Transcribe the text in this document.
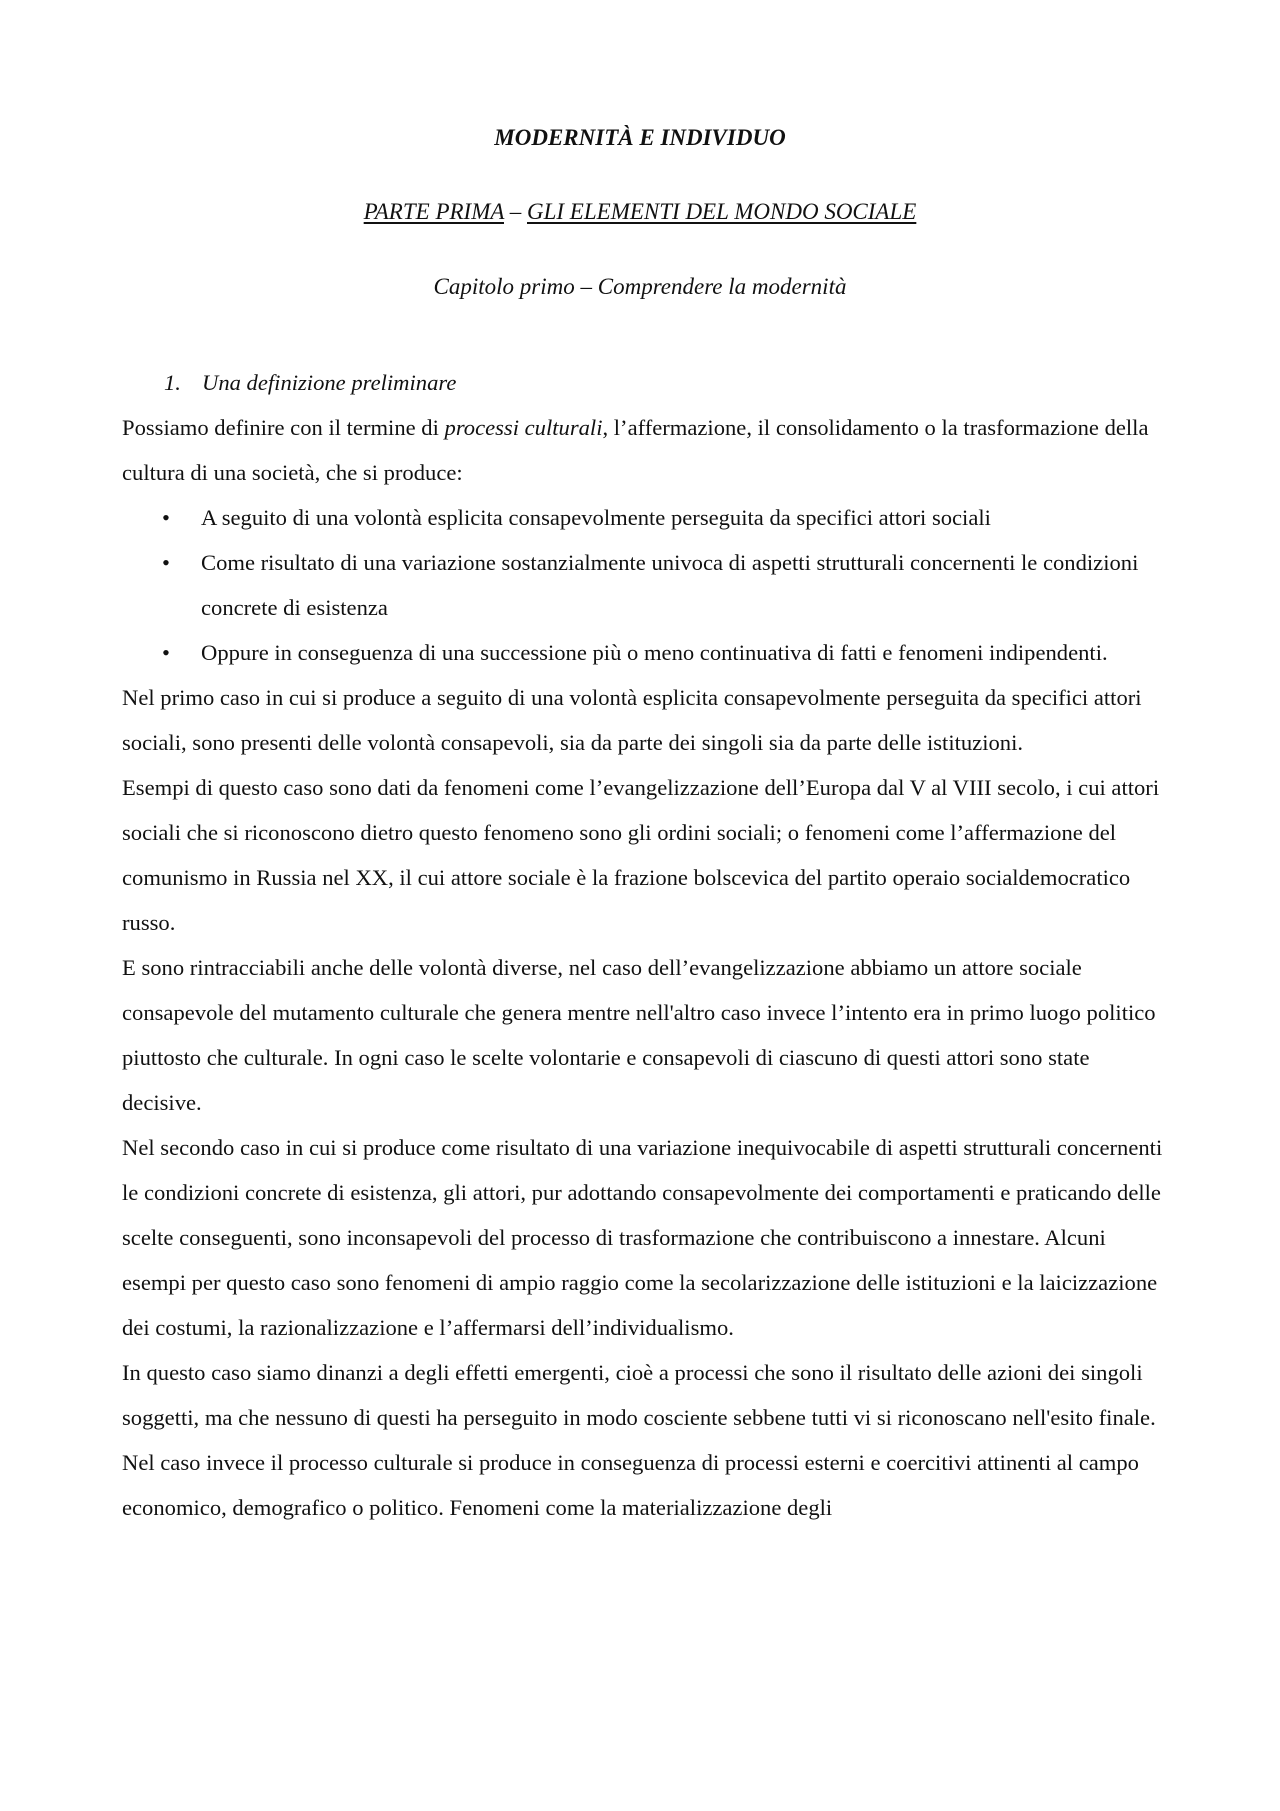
MODERNITÀ E INDIVIDUO
PARTE PRIMA – GLI ELEMENTI DEL MONDO SOCIALE
Capitolo primo – Comprendere la modernità
1. Una definizione preliminare

Possiamo definire con il termine di processi culturali, l’affermazione, il consolidamento o la trasformazione della cultura di una società, che si produce:

•	A seguito di una volontà esplicita consapevolmente perseguita da specifici attori sociali
•	Come risultato di una variazione sostanzialmente univoca di aspetti strutturali concernenti le condizioni concrete di esistenza
•	Oppure in conseguenza di una successione più o meno continuativa di fatti e fenomeni indipendenti.

Nel primo caso in cui si produce a seguito di una volontà esplicita consapevolmente perseguita da specifici attori sociali, sono presenti delle volontà consapevoli, sia da parte dei singoli sia da parte delle istituzioni.

Esempi di questo caso sono dati da fenomeni come l’evangelizzazione dell’Europa dal V al VIII secolo, i cui attori sociali che si riconoscono dietro questo fenomeno sono gli ordini sociali; o fenomeni come l’affermazione del comunismo in Russia nel XX, il cui attore sociale è la frazione bolscevica del partito operaio socialdemocratico russo.

E sono rintracciabili anche delle volontà diverse, nel caso dell’evangelizzazione abbiamo un attore sociale consapevole del mutamento culturale che genera mentre nell'altro caso invece l’intento era in primo luogo politico piuttosto che culturale. In ogni caso le scelte volontarie e consapevoli di ciascuno di questi attori sono state decisive.

Nel secondo caso in cui si produce come risultato di una variazione inequivocabile di aspetti strutturali concernenti le condizioni concrete di esistenza, gli attori, pur adottando consapevolmente dei comportamenti e praticando delle scelte conseguenti, sono inconsapevoli del processo di trasformazione che contribuiscono a innestare. Alcuni esempi per questo caso sono fenomeni di ampio raggio come la secolarizzazione delle istituzioni e la laicizzazione dei costumi, la razionalizzazione e l’affermarsi dell’individualismo.

In questo caso siamo dinanzi a degli effetti emergenti, cioè a processi che sono il risultato delle azioni dei singoli soggetti, ma che nessuno di questi ha perseguito in modo cosciente sebbene tutti vi si riconoscano nell'esito finale.

Nel caso invece il processo culturale si produce in conseguenza di processi esterni e coercitivi attinenti al campo economico, demografico o politico. Fenomeni come la materializzazione degli
